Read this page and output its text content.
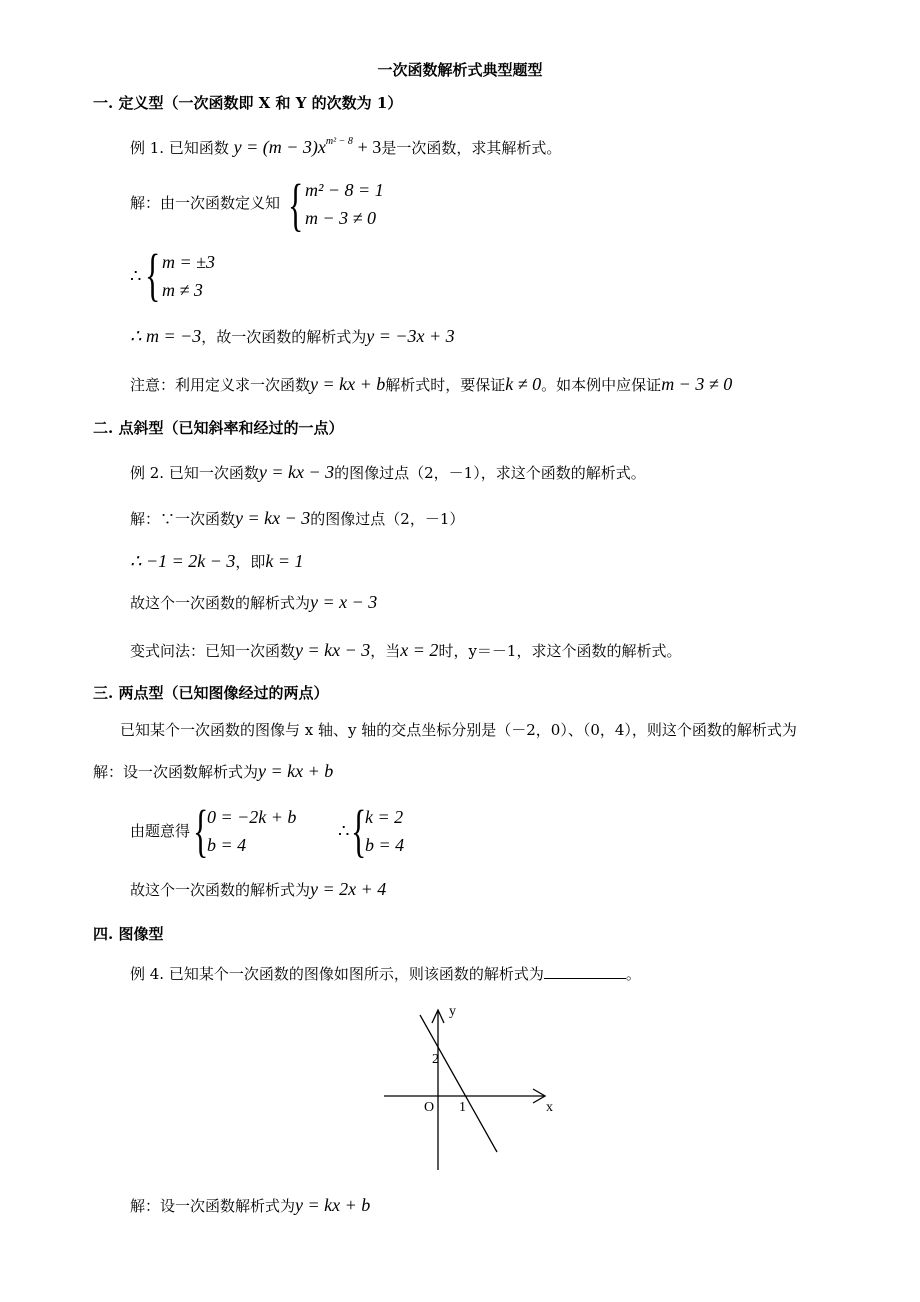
一次函数解析式典型题型
一. 定义型（一次函数即 X 和 Y 的次数为 1）
例 1. 已知函数 $y = (m - 3)x^{m^2 - 8} + 3$是一次函数，求其解析式。
解：由一次函数定义知 { m² − 8 = 1
m − 3 ≠ 0
∴ { m = ±3
m ≠ 3
∴ m = −3，故一次函数的解析式为y = −3x + 3
注意：利用定义求一次函数y = kx + b解析式时，要保证k ≠ 0。如本例中应保证m − 3 ≠ 0
二. 点斜型（已知斜率和经过的一点）
例 2. 已知一次函数y = kx − 3的图像过点（2，－1），求这个函数的解析式。
解：∵一次函数y = kx − 3的图像过点（2，－1）
∴ −1 = 2k − 3，即k = 1
故这个一次函数的解析式为y = x − 3
变式问法：已知一次函数y = kx − 3，当x = 2时，y＝－1，求这个函数的解析式。
三. 两点型（已知图像经过的两点）
已知某个一次函数的图像与 x 轴、y 轴的交点坐标分别是（－2，0）、（0，4），则这个函数的解析式为
解：设一次函数解析式为y = kx + b
由题意得 {
0 = −2k + b
b = 4
∴ {
k = 2
b = 4
故这个一次函数的解析式为y = 2x + 4
四. 图像型
例 4. 已知某个一次函数的图像如图所示，则该函数的解析式为	。
y
x
O
2
1
解：设一次函数解析式为y = kx + b
